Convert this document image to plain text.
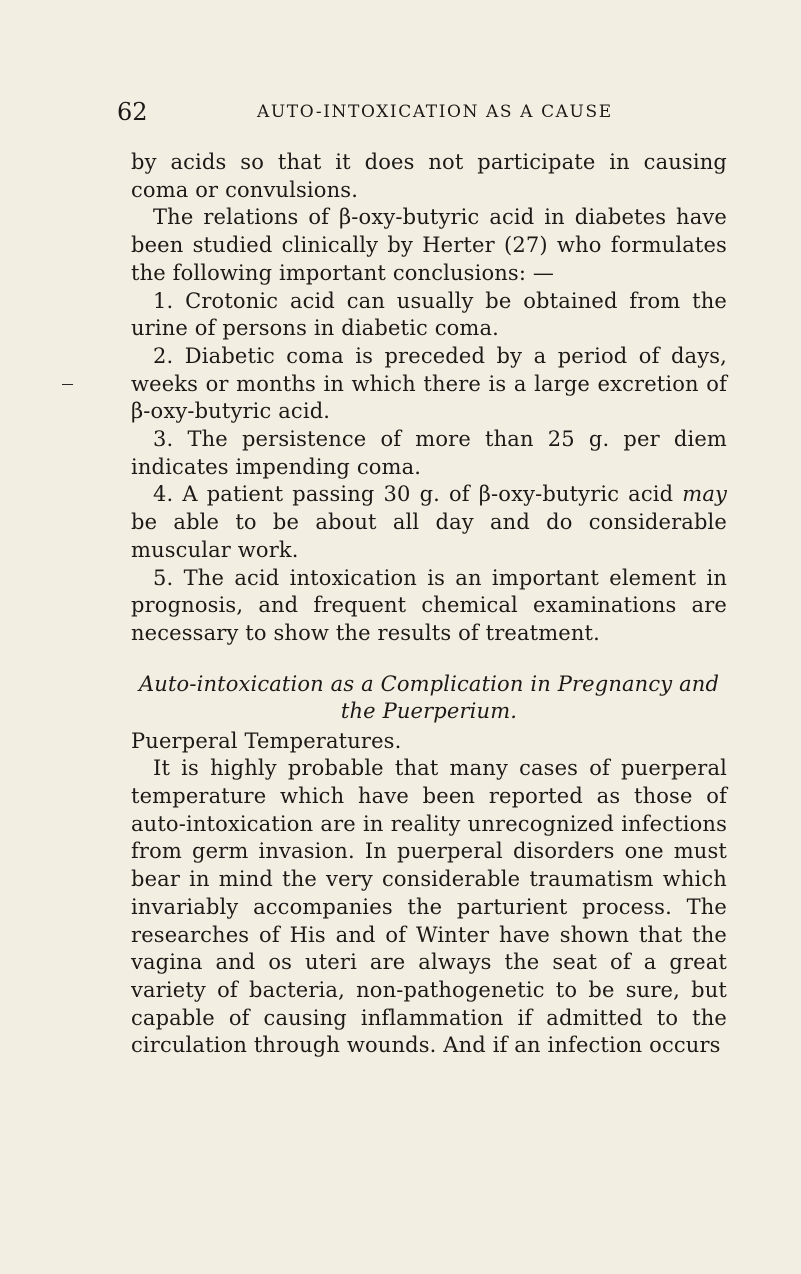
62	AUTO-INTOXICATION AS A CAUSE

by acids so that it does not participate in causing coma or convulsions.

The relations of β-oxy-butyric acid in diabetes have been studied clinically by Herter (27) who formulates the following important conclusions: —

1. Crotonic acid can usually be obtained from the urine of persons in diabetic coma.

2. Diabetic coma is preceded by a period of days, weeks or months in which there is a large excretion of β-oxy-butyric acid.

3. The persistence of more than 25 g. per diem indicates impending coma.

4. A patient passing 30 g. of β-oxy-butyric acid may be able to be about all day and do considerable muscular work.

5. The acid intoxication is an important element in prognosis, and frequent chemical examinations are necessary to show the results of treatment.

Auto-intoxication as a Complication in Pregnancy and
the Puerperium.

Puerperal Temperatures.

It is highly probable that many cases of puerperal temperature which have been reported as those of auto-intoxication are in reality unrecognized infections from germ invasion. In puerperal disorders one must bear in mind the very considerable traumatism which invariably accompanies the parturient process. The researches of His and of Winter have shown that the vagina and os uteri are always the seat of a great variety of bacteria, non-pathogenetic to be sure, but capable of causing inflammation if admitted to the circulation through wounds. And if an infection occurs
